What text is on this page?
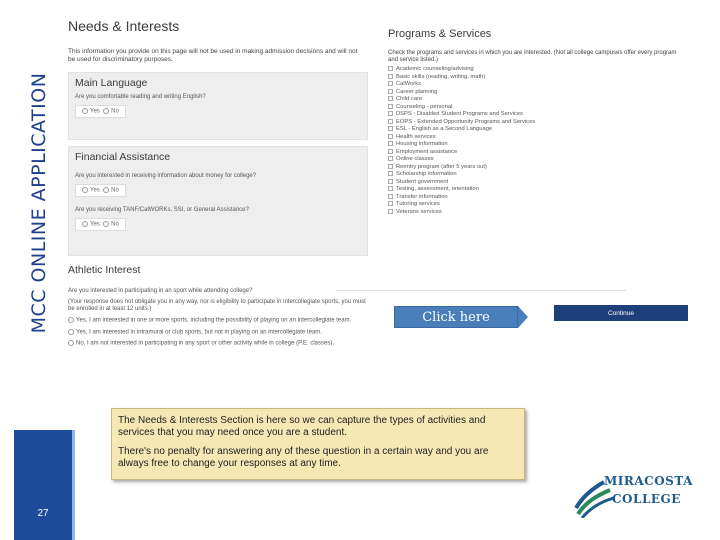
MCC ONLINE APPLICATION
27
Needs & Interests
This information you provide on this page will not be used in making admission decisions and will not be used for discriminatory purposes.
Main Language
Are you comfortable reading and writing English?
Yes No
Financial Assistance
Are you interested in receiving information about money for college?
Yes No
Are you receiving TANF/CalWORKs, SSI, or General Assistance?
Yes No
Athletic Interest
Are you interested in participating in an sport while attending college?
(Your response does not obligate you in any way, nor is eligibility to participate in intercollegiate sports, you must be enrolled in at least 12 units.)
Yes, I am interested in one or more sports, including the possibility of playing on an intercollegiate team.
Yes, I am interested in intramural or club sports, but not in playing on an intercollegiate team.
No, I am not interested in participating in any sport or other activity while in college (P.E. classes).
Programs & Services
Check the programs and services in which you are interested. (Not all college campuses offer every program and service listed.)
Academic counseling/advising
Basic skills (reading, writing, math)
CalWorks
Career planning
Child care
Counseling - personal
DSPS - Disabled Student Programs and Services
EOPS - Extended Opportunity Programs and Services
ESL - English as a Second Language
Health services
Housing information
Employment assistance
Online classes
Reentry program (after 5 years out)
Scholarship information
Student government
Testing, assessment, orientation
Transfer information
Tutoring services
Veterans services
Click here	Continue

The Needs & Interests Section is here so we can capture the types of activities and services that you may need once you are a student.

There's no penalty for answering any of these question in a certain way and you are always free to change your responses at any time.

MIRACOSTA
COLLEGE
